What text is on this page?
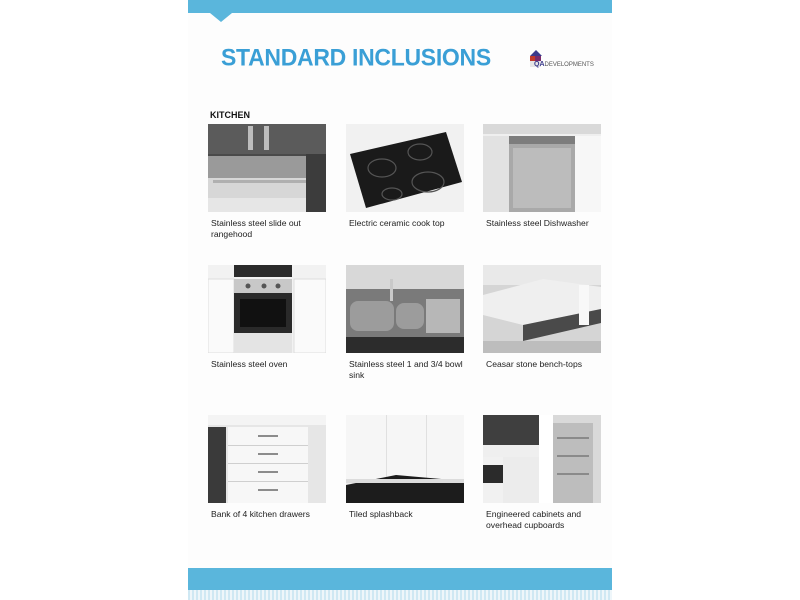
STANDARD INCLUSIONS	QADEVELOPMENTS
KITCHEN
Stainless steel slide out rangehood
Electric ceramic cook top	Stainless steel Dishwasher
Stainless steel oven	Stainless steel 1 and 3/4 bowl sink
Ceasar stone bench-tops
Bank of 4 kitchen drawers	Tiled splashback	Engineered cabinets and overhead cupboards
